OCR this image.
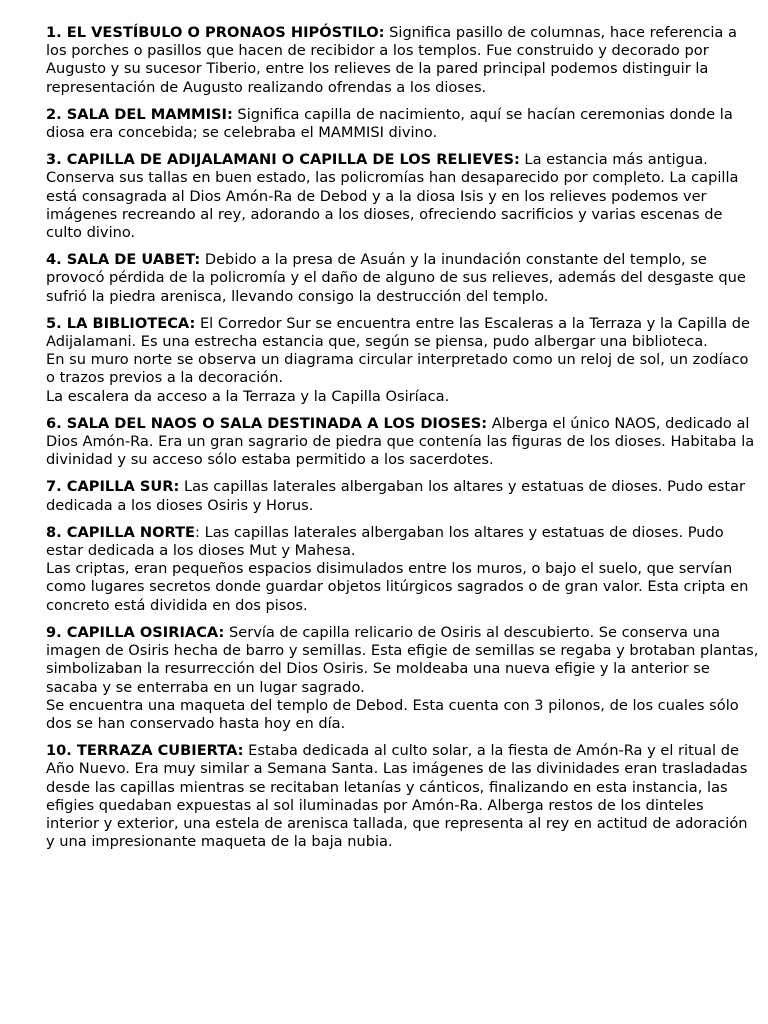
1. EL VESTÍBULO O PRONAOS HIPÓSTILO: Significa pasillo de columnas, hace referencia a los porches o pasillos que hacen de recibidor a los templos. Fue construido y decorado por Augusto y su sucesor Tiberio, entre los relieves de la pared principal podemos distinguir la representación de Augusto realizando ofrendas a los dioses.

2. SALA DEL MAMMISI: Significa capilla de nacimiento, aquí se hacían ceremonias donde la diosa era concebida; se celebraba el MAMMISI divino.

3. CAPILLA DE ADIJALAMANI O CAPILLA DE LOS RELIEVES: La estancia más antigua. Conserva sus tallas en buen estado, las policromías han desaparecido por completo. La capilla está consagrada al Dios Amón-Ra de Debod y a la diosa Isis y en los relieves podemos ver imágenes recreando al rey, adorando a los dioses, ofreciendo sacrificios y varias escenas de culto divino.

4. SALA DE UABET: Debido a la presa de Asuán y la inundación constante del templo, se provocó pérdida de la policromía y el daño de alguno de sus relieves, además del desgaste que sufrió la piedra arenisca, llevando consigo la destrucción del templo.

5. LA BIBLIOTECA: El Corredor Sur se encuentra entre las Escaleras a la Terraza y la Capilla de Adijalamani. Es una estrecha estancia que, según se piensa, pudo albergar una biblioteca.

En su muro norte se observa un diagrama circular interpretado como un reloj de sol, un zodíaco o trazos previos a la decoración.

La escalera da acceso a la Terraza y la Capilla Osiríaca.

6. SALA DEL NAOS O SALA DESTINADA A LOS DIOSES: Alberga el único NAOS, dedicado al Dios Amón-Ra. Era un gran sagrario de piedra que contenía las figuras de los dioses. Habitaba la divinidad y su acceso sólo estaba permitido a los sacerdotes.

7. CAPILLA SUR: Las capillas laterales albergaban los altares y estatuas de dioses. Pudo estar dedicada a los dioses Osiris y Horus.

8. CAPILLA NORTE: Las capillas laterales albergaban los altares y estatuas de dioses. Pudo estar dedicada a los dioses Mut y Mahesa.

Las criptas, eran pequeños espacios disimulados entre los muros, o bajo el suelo, que servían como lugares secretos donde guardar objetos litúrgicos sagrados o de gran valor. Esta cripta en concreto está dividida en dos pisos.

9. CAPILLA OSIRIACA: Servía de capilla relicario de Osiris al descubierto. Se conserva una imagen de Osiris hecha de barro y semillas. Esta efigie de semillas se regaba y brotaban plantas, simbolizaban la resurrección del Dios Osiris. Se moldeaba una nueva efigie y la anterior se sacaba y se enterraba en un lugar sagrado.

Se encuentra una maqueta del templo de Debod. Esta cuenta con 3 pilonos, de los cuales sólo dos se han conservado hasta hoy en día.

10. TERRAZA CUBIERTA: Estaba dedicada al culto solar, a la fiesta de Amón-Ra y el ritual de Año Nuevo. Era muy similar a Semana Santa. Las imágenes de las divinidades eran trasladadas desde las capillas mientras se recitaban letanías y cánticos, finalizando en esta instancia, las efigies quedaban expuestas al sol iluminadas por Amón-Ra. Alberga restos de los dinteles interior y exterior, una estela de arenisca tallada, que representa al rey en actitud de adoración y una impresionante maqueta de la baja nubia.
